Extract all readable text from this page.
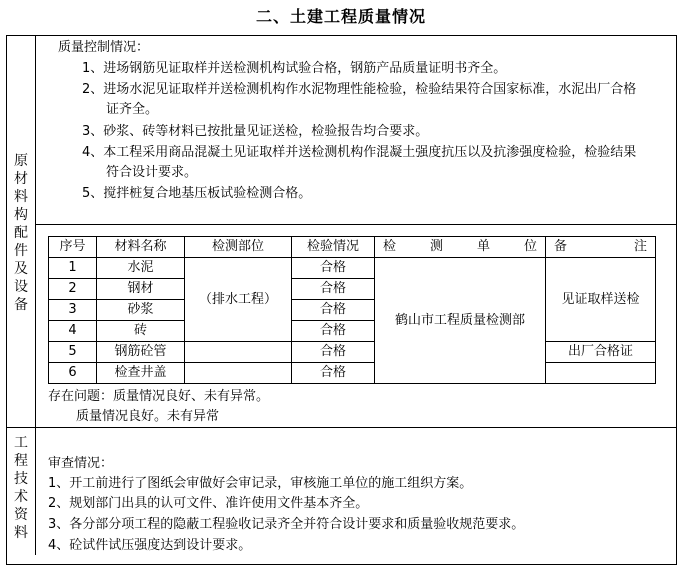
二、土建工程质量情况
原
材
料
构
配
件
及
设
备
工
程
技
术
资
料
质量控制情况：
1、进场钢筋见证取样并送检测机构试验合格，钢筋产品质量证明书齐全。
2、进场水泥见证取样并送检测机构作水泥物理性能检验，检验结果符合国家标准，水泥出厂合格
证齐全。
3、砂浆、砖等材料已按批量见证送检，检验报告均合要求。
4、本工程采用商品混凝土见证取样并送检测机构作混凝土强度抗压以及抗渗强度检验，检验结果
符合设计要求。
5、搅拌桩复合地基压板试验检测合格。
序号	材料名称	检测部位	检验情况	检 测 单 位	备 注

1	水泥	（排水工程）	合格	鹤山市工程质量检测部	见证取样送检
2	钢材		合格		
3	砂浆		合格		
4	砖		合格		
5	钢筋砼管		合格		出厂合格证
6	检查井盖		合格		
存在问题：质量情况良好、未有异常。
质量情况良好。未有异常
审查情况：
1、开工前进行了图纸会审做好会审记录，审核施工单位的施工组织方案。
2、规划部门出具的认可文件、准许使用文件基本齐全。
3、各分部分项工程的隐蔽工程验收记录齐全并符合设计要求和质量验收规范要求。
4、砼试件试压强度达到设计要求。
